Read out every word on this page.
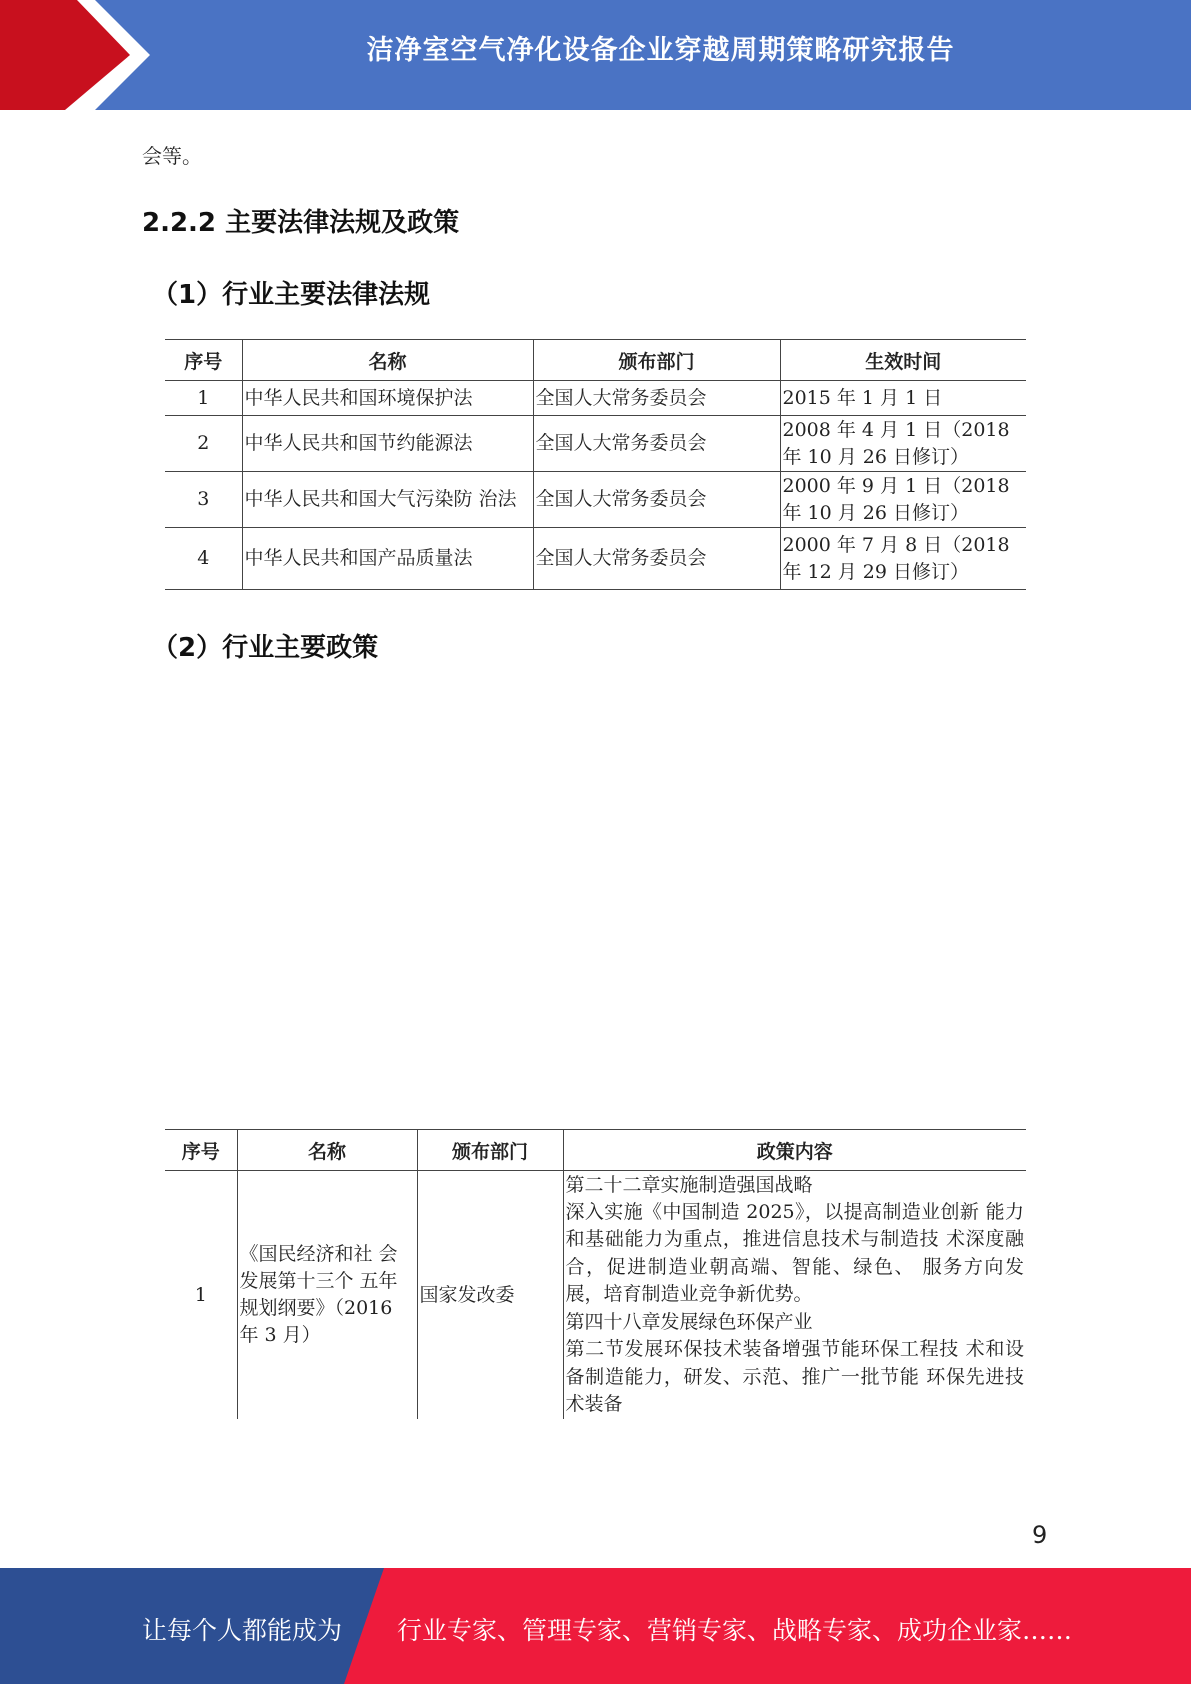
洁净室空气净化设备企业穿越周期策略研究报告
会等。
2.2.2 主要法律法规及政策
（1）行业主要法律法规
序号	名称	颁布部门	生效时间
1	中华人民共和国环境保护法	全国人大常务委员会	2015 年 1 月 1 日
2	中华人民共和国节约能源法	全国人大常务委员会	2008 年 4 月 1 日（2018 年 10 月 26 日修订）
3	中华人民共和国大气污染防 治法	全国人大常务委员会	2000 年 9 月 1 日（2018 年 10 月 26 日修订）
4	中华人民共和国产品质量法	全国人大常务委员会	2000 年 7 月 8 日（2018 年 12 月 29 日修订）
（2）行业主要政策
序号	名称	颁布部门	政策内容
1	《国民经济和社 会发展第十三个 五年规划纲要》（2016 年 3 月）	国家发改委	第二十二章实施制造强国战略

深入实施《中国制造 2025》，以提高制造业创新 能力和基础能力为重点，推进信息技术与制造技 术深度融合，促进制造业朝高端、智能、绿色、 服务方向发展，培育制造业竞争新优势。

第四十八章发展绿色环保产业

第二节发展环保技术装备增强节能环保工程技 术和设备制造能力，研发、示范、推广一批节能 环保先进技术装备

9
让每个人都能成为 行业专家、管理专家、营销专家、战略专家、成功企业家……
